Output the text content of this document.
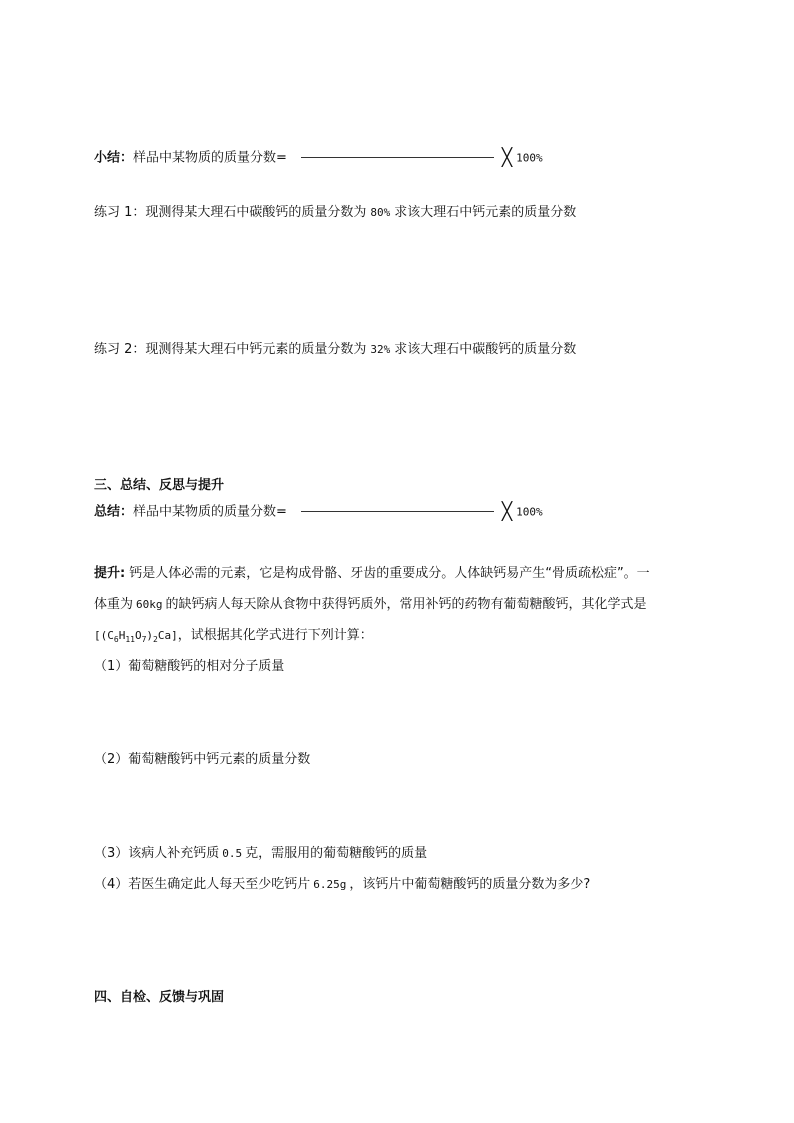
小结：样品中某物质的质量分数=	╳ 100%
练习 1：现测得某大理石中碳酸钙的质量分数为 80% 求该大理石中钙元素的质量分数
练习 2：现测得某大理石中钙元素的质量分数为 32% 求该大理石中碳酸钙的质量分数
三、总结、反思与提升
总结：样品中某物质的质量分数=	╳ 100%
提升: 钙是人体必需的元素，它是构成骨骼、牙齿的重要成分。人体缺钙易产生“骨质疏松症”。一
体重为 60kg 的缺钙病人每天除从食物中获得钙质外，常用补钙的药物有葡萄糖酸钙，其化学式是
$[(C_6H_{11}O_7)_2Ca]$，试根据其化学式进行下列计算：
（1）葡萄糖酸钙的相对分子质量
（2）葡萄糖酸钙中钙元素的质量分数
（3）该病人补充钙质 0.5 克，需服用的葡萄糖酸钙的质量
（4）若医生确定此人每天至少吃钙片 6.25g ，该钙片中葡萄糖酸钙的质量分数为多少?
四、自检、反馈与巩固
